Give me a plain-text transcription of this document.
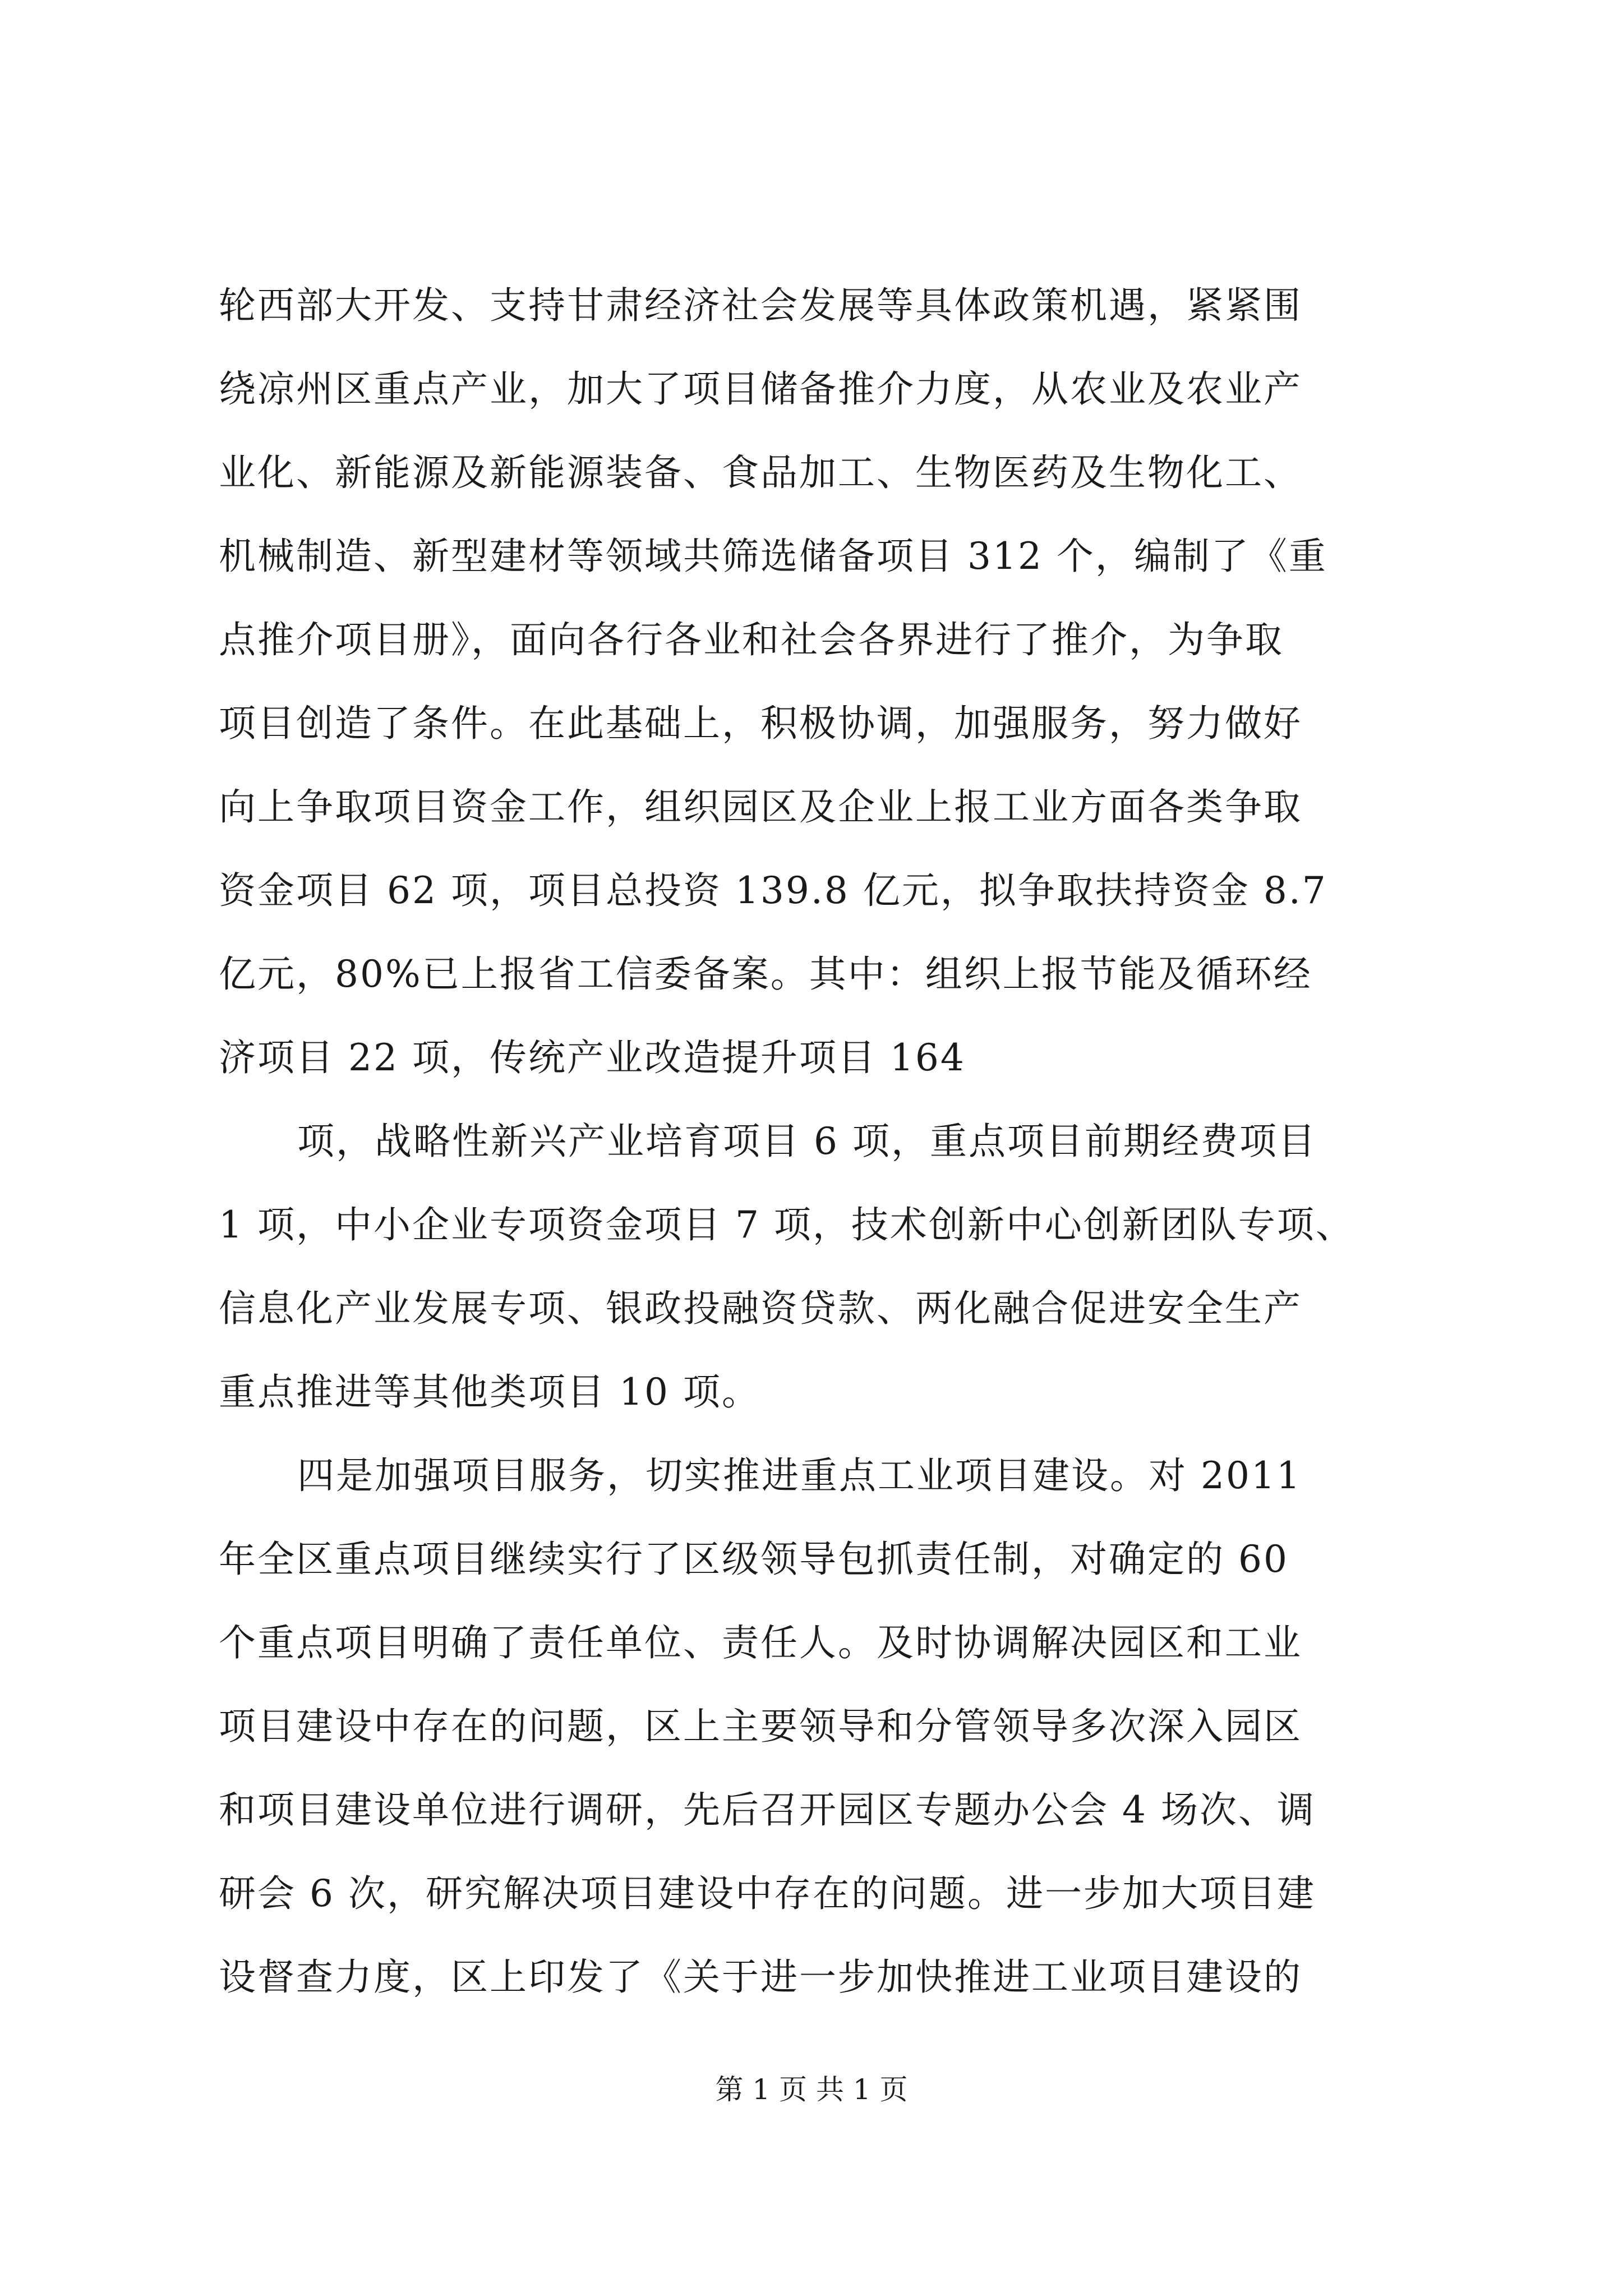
轮西部大开发、支持甘肃经济社会发展等具体政策机遇，紧紧围
绕凉州区重点产业，加大了项目储备推介力度，从农业及农业产
业化、新能源及新能源装备、食品加工、生物医药及生物化工、
机械制造、新型建材等领域共筛选储备项目 312 个，编制了《重
点推介项目册》，面向各行各业和社会各界进行了推介，为争取
项目创造了条件。在此基础上，积极协调，加强服务，努力做好
向上争取项目资金工作，组织园区及企业上报工业方面各类争取
资金项目 62 项，项目总投资 139.8 亿元，拟争取扶持资金 8.7
亿元，80%已上报省工信委备案。其中：组织上报节能及循环经
济项目 22 项，传统产业改造提升项目 164
项，战略性新兴产业培育项目 6 项，重点项目前期经费项目
1 项，中小企业专项资金项目 7 项，技术创新中心创新团队专项、
信息化产业发展专项、银政投融资贷款、两化融合促进安全生产
重点推进等其他类项目 10 项。
四是加强项目服务，切实推进重点工业项目建设。对 2011
年全区重点项目继续实行了区级领导包抓责任制，对确定的 60
个重点项目明确了责任单位、责任人。及时协调解决园区和工业
项目建设中存在的问题，区上主要领导和分管领导多次深入园区
和项目建设单位进行调研，先后召开园区专题办公会 4 场次、调
研会 6 次，研究解决项目建设中存在的问题。进一步加大项目建
设督查力度，区上印发了《关于进一步加快推进工业项目建设的
第 1 页 共 1 页
